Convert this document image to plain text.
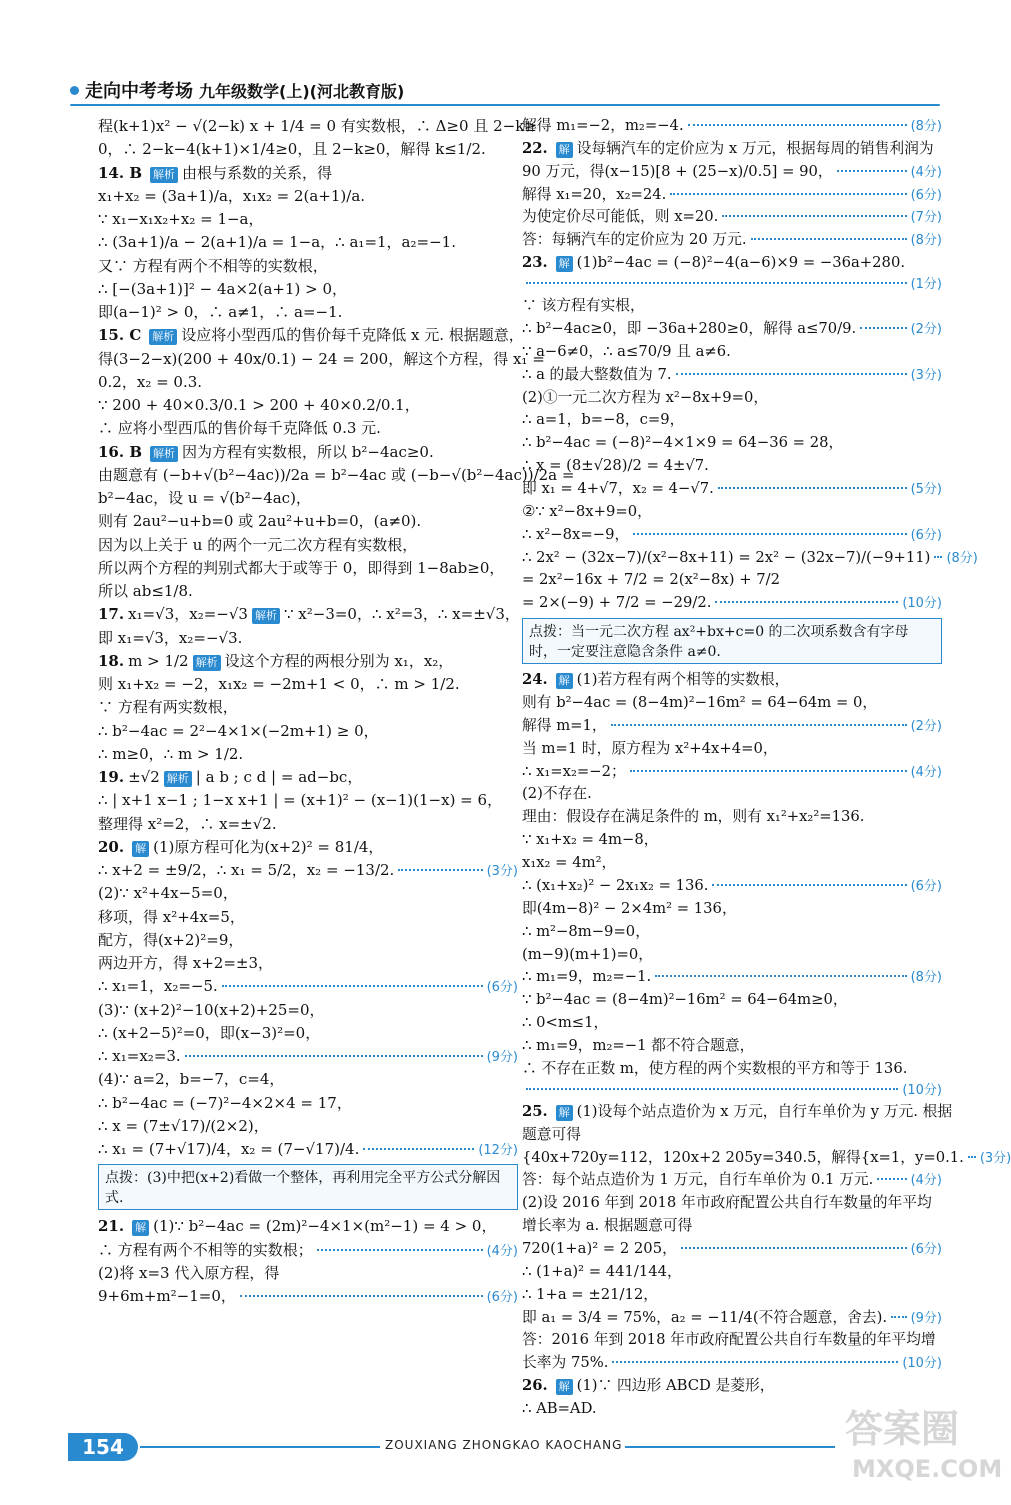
走向中考考场 九年级数学(上)(河北教育版)
程(k+1)x² − √(2−k) x + 1/4 = 0 有实数根，∴ Δ≥0 且 2−k≥
0，∴ 2−k−4(k+1)×1/4≥0，且 2−k≥0，解得 k≤1/2.
14. B 解析 由根与系数的关系，得
x₁+x₂ = (3a+1)/a，x₁x₂ = 2(a+1)/a.
∵ x₁−x₁x₂+x₂ = 1−a，
∴ (3a+1)/a − 2(a+1)/a = 1−a，∴ a₁=1，a₂=−1.
又∵ 方程有两个不相等的实数根，
∴ [−(3a+1)]² − 4a×2(a+1) > 0，
即(a−1)² > 0，∴ a≠1，∴ a=−1.
15. C 解析 设应将小型西瓜的售价每千克降低 x 元. 根据题意，
得(3−2−x)(200 + 40x/0.1) − 24 = 200，解这个方程，得 x₁ =
0.2，x₂ = 0.3.
∵ 200 + 40×0.3/0.1 > 200 + 40×0.2/0.1，
∴ 应将小型西瓜的售价每千克降低 0.3 元.
16. B 解析 因为方程有实数根，所以 b²−4ac≥0.
由题意有 (−b+√(b²−4ac))/2a = b²−4ac 或 (−b−√(b²−4ac))/2a =
b²−4ac，设 u = √(b²−4ac)，
则有 2au²−u+b=0 或 2au²+u+b=0，(a≠0).
因为以上关于 u 的两个一元二次方程有实数根，
所以两个方程的判别式都大于或等于 0，即得到 1−8ab≥0，
所以 ab≤1/8.
17. x₁=√3，x₂=−√3 解析 ∵ x²−3=0，∴ x²=3，∴ x=±√3，
即 x₁=√3，x₂=−√3.
18. m > 1/2 解析 设这个方程的两根分别为 x₁，x₂，
则 x₁+x₂ = −2，x₁x₂ = −2m+1 < 0，∴ m > 1/2.
∵ 方程有两实数根，
∴ b²−4ac = 2²−4×1×(−2m+1) ≥ 0，
∴ m≥0，∴ m > 1/2.
19. ±√2 解析 | a b ; c d | = ad−bc，
∴ | x+1 x−1 ; 1−x x+1 | = (x+1)² − (x−1)(1−x) = 6，
整理得 x²=2，∴ x=±√2.
20. 解 (1)原方程可化为(x+2)² = 81/4，
∴ x+2 = ±9/2，∴ x₁ = 5/2，x₂ = −13/2.	(3分)
(2)∵ x²+4x−5=0，
移项，得 x²+4x=5，
配方，得(x+2)²=9，
两边开方，得 x+2=±3，
∴ x₁=1，x₂=−5.	(6分)
(3)∵ (x+2)²−10(x+2)+25=0，
∴ (x+2−5)²=0，即(x−3)²=0，
∴ x₁=x₂=3.	(9分)
(4)∵ a=2，b=−7，c=4，
∴ b²−4ac = (−7)²−4×2×4 = 17，
∴ x = (7±√17)/(2×2)，
∴ x₁ = (7+√17)/4，x₂ = (7−√17)/4.	(12分)
点拨：(3)中把(x+2)看做一个整体，再利用完全平方公式分解因式.
21. 解 (1)∵ b²−4ac = (2m)²−4×1×(m²−1) = 4 > 0，
∴ 方程有两个不相等的实数根；	(4分)
(2)将 x=3 代入原方程，得
9+6m+m²−1=0，	(6分)
解得 m₁=−2，m₂=−4.	(8分)
22. 解 设每辆汽车的定价应为 x 万元，根据每周的销售利润为
90 万元，得(x−15)[8 + (25−x)/0.5] = 90，	(4分)
解得 x₁=20，x₂=24.	(6分)
为使定价尽可能低，则 x=20.	(7分)
答：每辆汽车的定价应为 20 万元.	(8分)
23. 解 (1)b²−4ac = (−8)²−4(a−6)×9 = −36a+280.
(1分)
∵ 该方程有实根，
∴ b²−4ac≥0，即 −36a+280≥0，解得 a≤70/9.	(2分)
∵ a−6≠0，∴ a≤70/9 且 a≠6.
∴ a 的最大整数值为 7.	(3分)
(2)①一元二次方程为 x²−8x+9=0，
∴ a=1，b=−8，c=9，
∴ b²−4ac = (−8)²−4×1×9 = 64−36 = 28，
∴ x = (8±√28)/2 = 4±√7.
即 x₁ = 4+√7，x₂ = 4−√7.	(5分)
②∵ x²−8x+9=0，
∴ x²−8x=−9，	(6分)
∴ 2x² − (32x−7)/(x²−8x+11) = 2x² − (32x−7)/(−9+11) (8分)
= 2x²−16x + 7/2 = 2(x²−8x) + 7/2
= 2×(−9) + 7/2 = −29/2.	(10分)
点拨：当一元二次方程 ax²+bx+c=0 的二次项系数含有字母时，一定要注意隐含条件 a≠0.
24. 解 (1)若方程有两个相等的实数根，
则有 b²−4ac = (8−4m)²−16m² = 64−64m = 0，
解得 m=1，	(2分)
当 m=1 时，原方程为 x²+4x+4=0，
∴ x₁=x₂=−2；	(4分)
(2)不存在.
理由：假设存在满足条件的 m，则有 x₁²+x₂²=136.
∵ x₁+x₂ = 4m−8，
x₁x₂ = 4m²，
∴ (x₁+x₂)² − 2x₁x₂ = 136.	(6分)
即(4m−8)² − 2×4m² = 136，
∴ m²−8m−9=0，
(m−9)(m+1)=0，
∴ m₁=9，m₂=−1.	(8分)
∵ b²−4ac = (8−4m)²−16m² = 64−64m≥0，
∴ 0<m≤1，
∴ m₁=9，m₂=−1 都不符合题意，
∴ 不存在正数 m，使方程的两个实数根的平方和等于 136.
(10分)
25. 解 (1)设每个站点造价为 x 万元，自行车单价为 y 万元. 根据
题意可得
{40x+720y=112，120x+2 205y=340.5，解得{x=1，y=0.1. (3分)
答：每个站点造价为 1 万元，自行车单价为 0.1 万元.	(4分)
(2)设 2016 年到 2018 年市政府配置公共自行车数量的年平均
增长率为 a. 根据题意可得
720(1+a)² = 2 205，	(6分)
∴ (1+a)² = 441/144，
∴ 1+a = ±21/12，
即 a₁ = 3/4 = 75%，a₂ = −11/4(不符合题意，舍去). (9分)
答：2016 年到 2018 年市政府配置公共自行车数量的年平均增
长率为 75%.	(10分)
26. 解 (1)∵ 四边形 ABCD 是菱形，
∴ AB=AD.
154	ZOUXIANG ZHONGKAO KAOCHANG	答案圈
MXQE.COM
